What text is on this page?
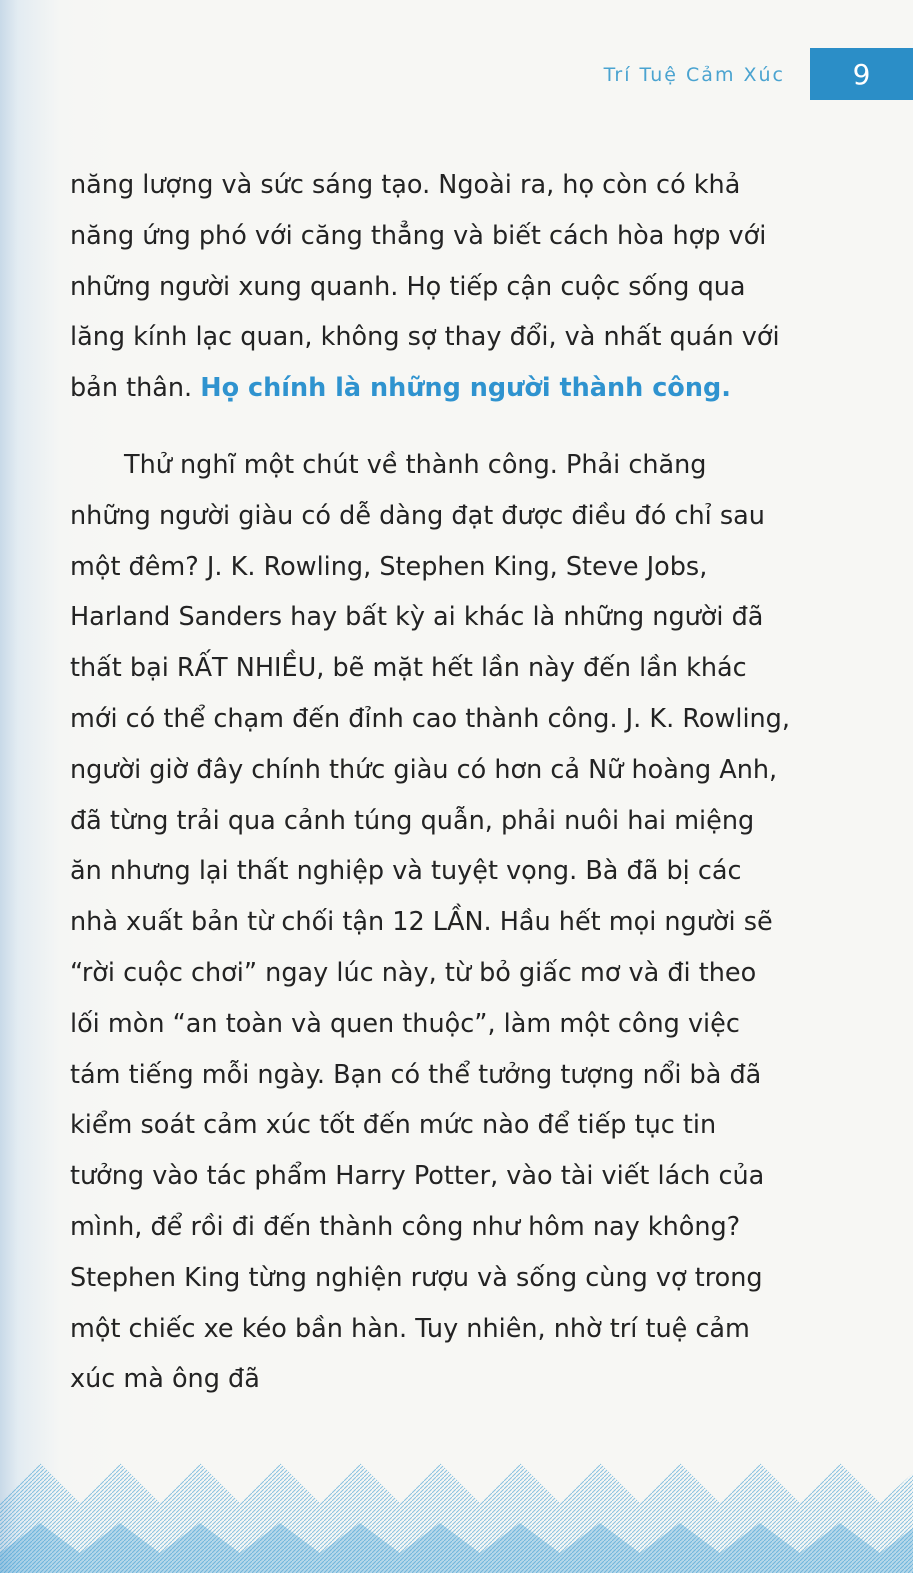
Trí Tuệ Cảm Xúc	9

năng lượng và sức sáng tạo. Ngoài ra, họ còn có khả năng ứng phó với căng thẳng và biết cách hòa hợp với những người xung quanh. Họ tiếp cận cuộc sống qua lăng kính lạc quan, không sợ thay đổi, và nhất quán với bản thân. Họ chính là những người thành công.

Thử nghĩ một chút về thành công. Phải chăng những người giàu có dễ dàng đạt được điều đó chỉ sau một đêm? J. K. Rowling, Stephen King, Steve Jobs, Harland Sanders hay bất kỳ ai khác là những người đã thất bại RẤT NHIỀU, bẽ mặt hết lần này đến lần khác mới có thể chạm đến đỉnh cao thành công. J. K. Rowling, người giờ đây chính thức giàu có hơn cả Nữ hoàng Anh, đã từng trải qua cảnh túng quẫn, phải nuôi hai miệng ăn nhưng lại thất nghiệp và tuyệt vọng. Bà đã bị các nhà xuất bản từ chối tận 12 LẦN. Hầu hết mọi người sẽ “rời cuộc chơi” ngay lúc này, từ bỏ giấc mơ và đi theo lối mòn “an toàn và quen thuộc”, làm một công việc tám tiếng mỗi ngày. Bạn có thể tưởng tượng nổi bà đã kiểm soát cảm xúc tốt đến mức nào để tiếp tục tin tưởng vào tác phẩm Harry Potter, vào tài viết lách của mình, để rồi đi đến thành công như hôm nay không? Stephen King từng nghiện rượu và sống cùng vợ trong một chiếc xe kéo bần hàn. Tuy nhiên, nhờ trí tuệ cảm xúc mà ông đã
